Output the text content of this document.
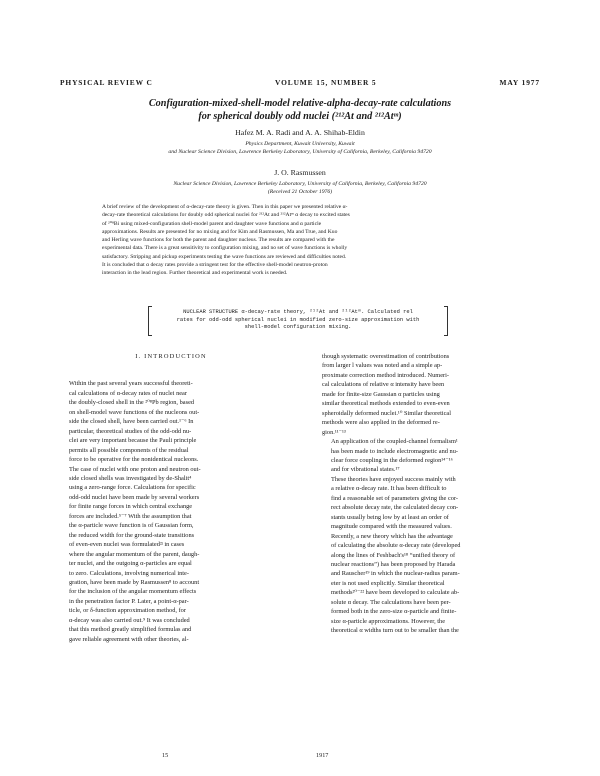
PHYSICAL REVIEW C	VOLUME 15, NUMBER 5	MAY 1977
Configuration-mixed-shell-model relative-alpha-decay-rate calculations
for spherical doubly odd nuclei (²¹²At and ²¹²Atᵐ)
Hafez M. A. Radi and A. A. Shihab-Eldin
Physics Department, Kuwait University, Kuwait
and Nuclear Science Division, Lawrence Berkeley Laboratory, University of California, Berkeley, California 94720
J. O. Rasmussen
Nuclear Science Division, Lawrence Berkeley Laboratory, University of California, Berkeley, California 94720
(Received 21 October 1976)
A brief review of the development of α-decay-rate theory is given. Then in this paper we presented relative α-
decay-rate theoretical calculations for doubly odd spherical nuclei for ²¹²At and ²¹²Atᵐ α decay to excited states
of ²⁰⁸Bi using mixed-configuration shell-model parent and daughter wave functions and α particle
approximations. Results are presented for no mixing and for Kim and Rasmussen, Ma and True, and Kuo
and Herling wave functions for both the parent and daughter nucleus. The results are compared with the
experimental data. There is a great sensitivity to configuration mixing, and no set of wave functions is wholly
satisfactory. Stripping and pickup experiments testing the wave functions are reviewed and difficulties noted.
It is concluded that α decay rates provide a stringent test for the effective shell-model neutron-proton
interaction in the lead region. Further theoretical and experimental work is needed.
NUCLEAR STRUCTURE α-decay-rate theory, ²¹²At and ²¹²Atᵐ. Calculated rel
rates for odd-odd spherical nuclei in modified zero-size approximation with
shell-model configuration mixing.
I. INTRODUCTION

Within the past several years successful theoreti-
cal calculations of α-decay rates of nuclei near
the doubly-closed shell in the ²⁰⁸Pb region, based
on shell-model wave functions of the nucleons out-
side the closed shell, have been carried out.¹⁻⁶ In
particular, theoretical studies of the odd-odd nu-
clei are very important because the Pauli principle
permits all possible components of the residual
force to be operative for the nonidentical nucleons.
The case of nuclei with one proton and neutron out-
side closed shells was investigated by de-Shalit⁴
using a zero-range force. Calculations for specific
odd-odd nuclei have been made by several workers
for finite range forces in which central exchange
forces are included.⁵⁻⁷ With the assumption that
the α-particle wave function is of Gaussian form,
the reduced width for the ground-state transitions
of even-even nuclei was formulated²ʲ in cases
where the angular momentum of the parent, daugh-
ter nuclei, and the outgoing α-particles are equal
to zero. Calculations, involving numerical inte-
gration, have been made by Rasmussen⁸ to account
for the inclusion of the angular momentum effects
in the penetration factor P. Later, a point-α-par-
ticle, or δ-function approximation method, for
α-decay was also carried out.⁹ It was concluded
that this method greatly simplified formulas and
gave reliable agreement with other theories, al-

though systematic overestimation of contributions
from larger l values was noted and a simple ap-
proximate correction method introduced. Numeri-
cal calculations of relative α intensity have been
made for finite-size Gaussian α particles using
similar theoretical methods extended to even-even
spheroidally deformed nuclei.¹⁰ Similar theoretical
methods were also applied in the deformed re-
gion.¹¹⁻¹³

An application of the coupled-channel formalism¹
has been made to include electromagnetic and nu-
clear force coupling in the deformed region¹⁴⁻¹⁶
and for vibrational states.¹⁷

These theories have enjoyed success mainly with
a relative α-decay rate. It has been difficult to
find a reasonable set of parameters giving the cor-
rect absolute decay rate, the calculated decay con-
stants usually being low by at least an order of
magnitude compared with the measured values.

Recently, a new theory which has the advantage
of calculating the absolute α-decay rate (developed
along the lines of Feshbach's¹⁸ “unified theory of
nuclear reactions”) has been proposed by Harada
and Rauscher¹⁹ in which the nuclear-radius param-
eter is not used explicitly. Similar theoretical
methods²⁰⁻²² have been developed to calculate ab-
solute α decay. The calculations have been per-
formed both in the zero-size α-particle and finite-
size α-particle approximations. However, the
theoretical α widths turn out to be smaller than the

15	1917
